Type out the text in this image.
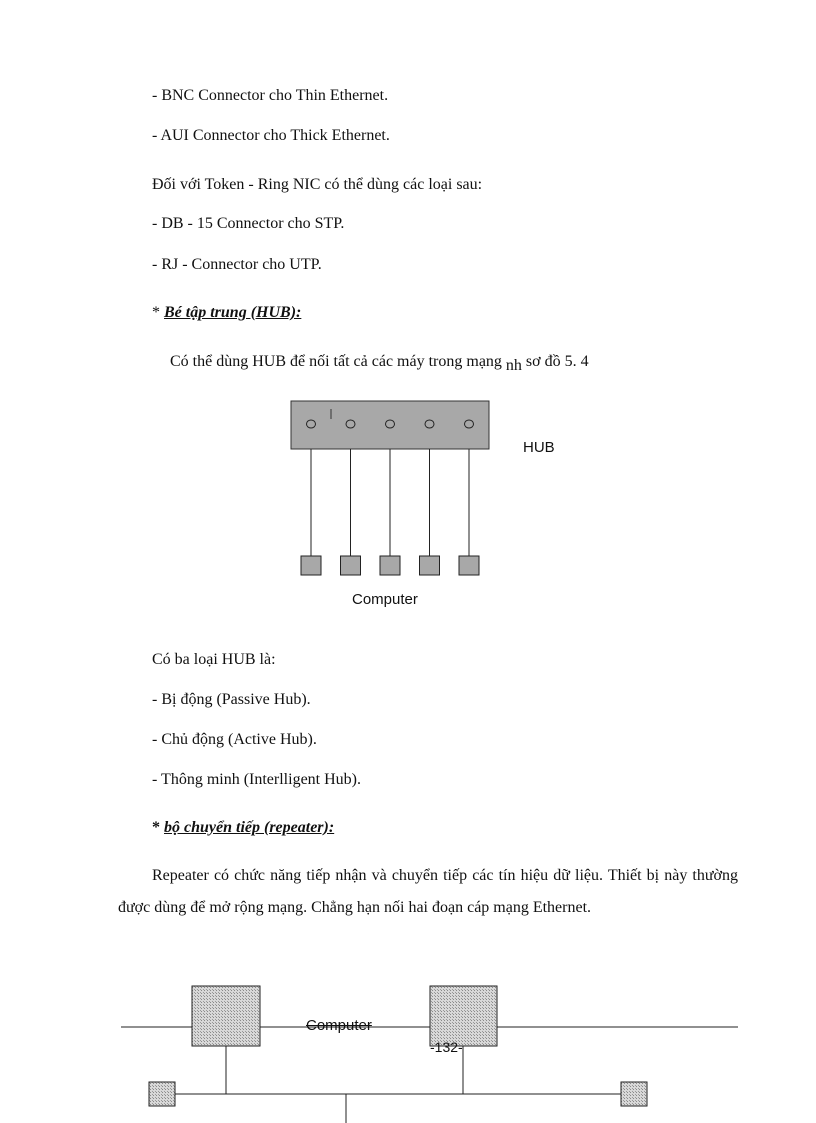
- BNC Connector cho Thin Ethernet.
- AUI Connector cho Thick Ethernet.
Đối với Token - Ring NIC có thể dùng các loại sau:
- DB - 15 Connector cho STP.
- RJ - Connector cho UTP.
* Bé tập trung (HUB):
Có thể dùng HUB để nối tất cả các máy trong mạng nh sơ đồ 5. 4
HUB
Computer
Có ba loại HUB là:
- Bị động (Passive Hub).
- Chủ động (Active Hub).
- Thông minh (Interlligent Hub).
* bộ chuyển tiếp (repeater):
Repeater có chức năng tiếp nhận và chuyển tiếp các tín hiệu dữ liệu. Thiết bị này thường được dùng để mở rộng mạng. Chẳng hạn nối hai đoạn cáp mạng Ethernet.
Computer
-132-
